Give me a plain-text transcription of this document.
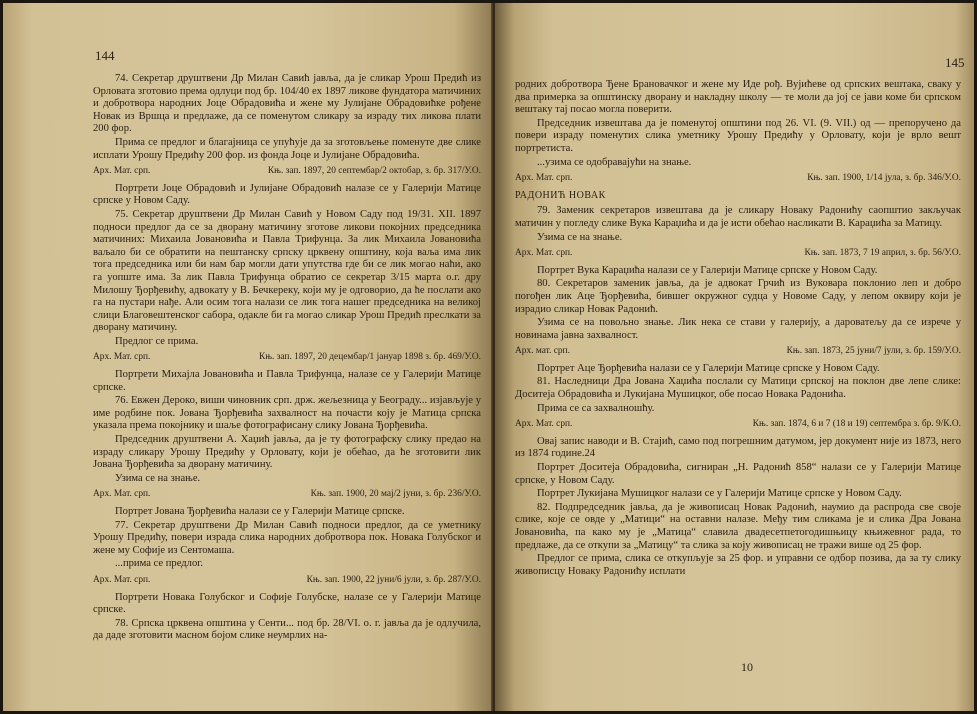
144

74. Секретар друштвени Др Милан Савић јавља, да је сликар Урош Предић из Орловата зготовио према одлуци под бр. 104/40 ex 1897 ликове фундатора матичиних и добротвора народних Јоце Обрадовића и жене му Јулијане Обрадовићке рођене Новак из Вршца и предлаже, да се поменутом сликару за израду тих ликова плати 200 фор.

Прима се предлог и благајница се упућује да за зготовљење поменуте две слике исплати Урошу Предићу 200 фор. из фонда Јоце и Јулијане Обрадовића.

Арх. Мат. срп.	Књ. зап. 1897, 20 септембар/2 октобар, з. бр. 317/У.О.

Портрети Јоце Обрадовић и Јулијане Обрадовић налазе се у Галерији Матице српске у Новом Саду.

75. Секретар друштвени Др Милан Савић у Новом Саду под 19/31. XII. 1897 подноси предлог да се за дворану матичину зготове ликови покојних председника матичиних: Михаила Јовановића и Павла Трифунца. За лик Михаила Јовановића ваљало би се обратити на пештанску српску црквену општину, која ваља има лик тога председника или би нам бар могли дати упутства где би се лик могао наћи, ако га уопште има. За лик Павла Трифунца обратио се секретар 3/15 марта о.г. дру Милошу Ђорђевићу, адвокату у В. Бечкереку, који му је одговорио, да ће послати ако га на пустари нађе. Али осим тога налази се лик тога нашег председника на великој слици Благовештенског сабора, одакле би га могао сликар Урош Предић преслкати за дворану матичину.

Предлог се прима.

Арх. Мат. срп.	Књ. зап. 1897, 20 децембар/1 јануар 1898 з. бр. 469/У.О.

Портрети Михајла Јовановића и Павла Трифунца, налазе се у Галерији Матице српске.

76. Евжен Дероко, виши чиновник срп. држ. жељезница у Београду... изјављује у име родбине пок. Јована Ђорђевића захвалност на почасти коју је Матица српска указала према покојнику и шаље фотографисану слику Јована Ђорђевића.

Председник друштвени А. Хаџић јавља, да је ту фотографску слику предао на израду сликару Урошу Предићу у Орловату, који је обећао, да ће зготовити лик Јована Ђорђевића за дворану матичину.

Узима се на знање.

Арх. Мат. срп.	Књ. зап. 1900, 20 мај/2 јуни, з. бр. 236/У.О.

Портрет Јована Ђорђевића налази се у Галерији Матице српске.

77. Секретар друштвени Др Милан Савић подноси предлог, да се уметнику Урошу Предићу, повери израда слика народних добротвора пок. Новака Голубског и жене му Софије из Сентомаша.

...прима се предлог.

Арх. Мат. срп.	Књ. зап. 1900, 22 јуни/6 јули, з. бр. 287/У.О.

Портрети Новака Голубског и Софије Голубске, налазе се у Галерији Матице српске.

78. Српска црквена општина у Сенти... под бр. 28/VI. о. г. јавља да је одлучила, да даде зготовити масном бојом слике неумрлих на-

145

родних добротвора Ђене Брановачког и жене му Иде рођ. Вујићеве од српских вештака, сваку у два примерка за општинску дворану и накладну школу — те моли да јој се јави коме би српском вештаку тај посао могла поверити.

Председник извештава да је поменутој општини под 26. VI. (9. VII.) од — препоручено да повери израду поменутих слика уметнику Урошу Предићу у Орловату, који је врло вешт портретиста.

...узима се одобравајући на знање.

Арх. Мат. срп.	Књ. зап. 1900, 1/14 јула, з. бр. 346/У.О.
РАДОНИЋ НОВАК

79. Заменик секретаров извештава да је сликару Новаку Радонићу саопштио закључак матичин у погледу слике Вука Караџића и да је исти обећао насликати В. Караџића за Матицу.

Узима се на знање.

Арх. Мат. срп.	Књ. зап. 1873, 7 19 април, з. бр. 56/У.О.

Портрет Вука Караџића налази се у Галерији Матице српске у Новом Саду.

80. Секретаров заменик јавља, да је адвокат Грчић из Вуковара поклонио леп и добро погођен лик Аце Ђорђевића, бившег окружног судца у Новоме Саду, у лепом оквиру који је израдио сликар Новак Радонић.

Узима се на повољно знање. Лик нека се стави у галерију, а дароватељу да се изрече у новинама јавна захвалност.

Арх. мат. срп.	Књ. зап. 1873, 25 јуни/7 јули, з. бр. 159/У.О.

Портрет Аце Ђорђевића налази се у Галерији Матице српске у Новом Саду.

81. Наследници Дра Јована Хаџића послали су Матици српској на поклон две лепе слике: Доситеја Обрадовића и Лукијана Мушицког, обе посао Новака Радонића.

Прима се са захвалношћу.

Арх. Мат. срп.	Књ. зап. 1874, 6 и 7 (18 и 19) септембра з. бр. 9/К.О.

Овај запис наводи и В. Стајић, само под погрешним датумом, јер документ није из 1873, него из 1874 године.24

Портрет Доситеја Обрадовића, сигниран „Н. Радонић 858“ налази се у Галерији Матице српске, у Новом Саду.

Портрет Лукијана Мушицког налази се у Галерији Матице српске у Новом Саду.

82. Подпредседник јавља, да је живописац Новак Радонић, наумио да распрода све своје слике, које се овде у „Матици“ на оставни налазе. Међу тим сликама је и слика Дра Јована Јовановића, па како му је „Матица“ славила двадесетпетогодишњицу књижевног рада, то предлаже, да се откупи за „Матицу“ та слика за коју живописац не тражи више од 25 фор.

Предлог се прима, слика се откупљује за 25 фор. и управни се одбор позива, да за ту слику живописцу Новаку Радонићу исплати

10
